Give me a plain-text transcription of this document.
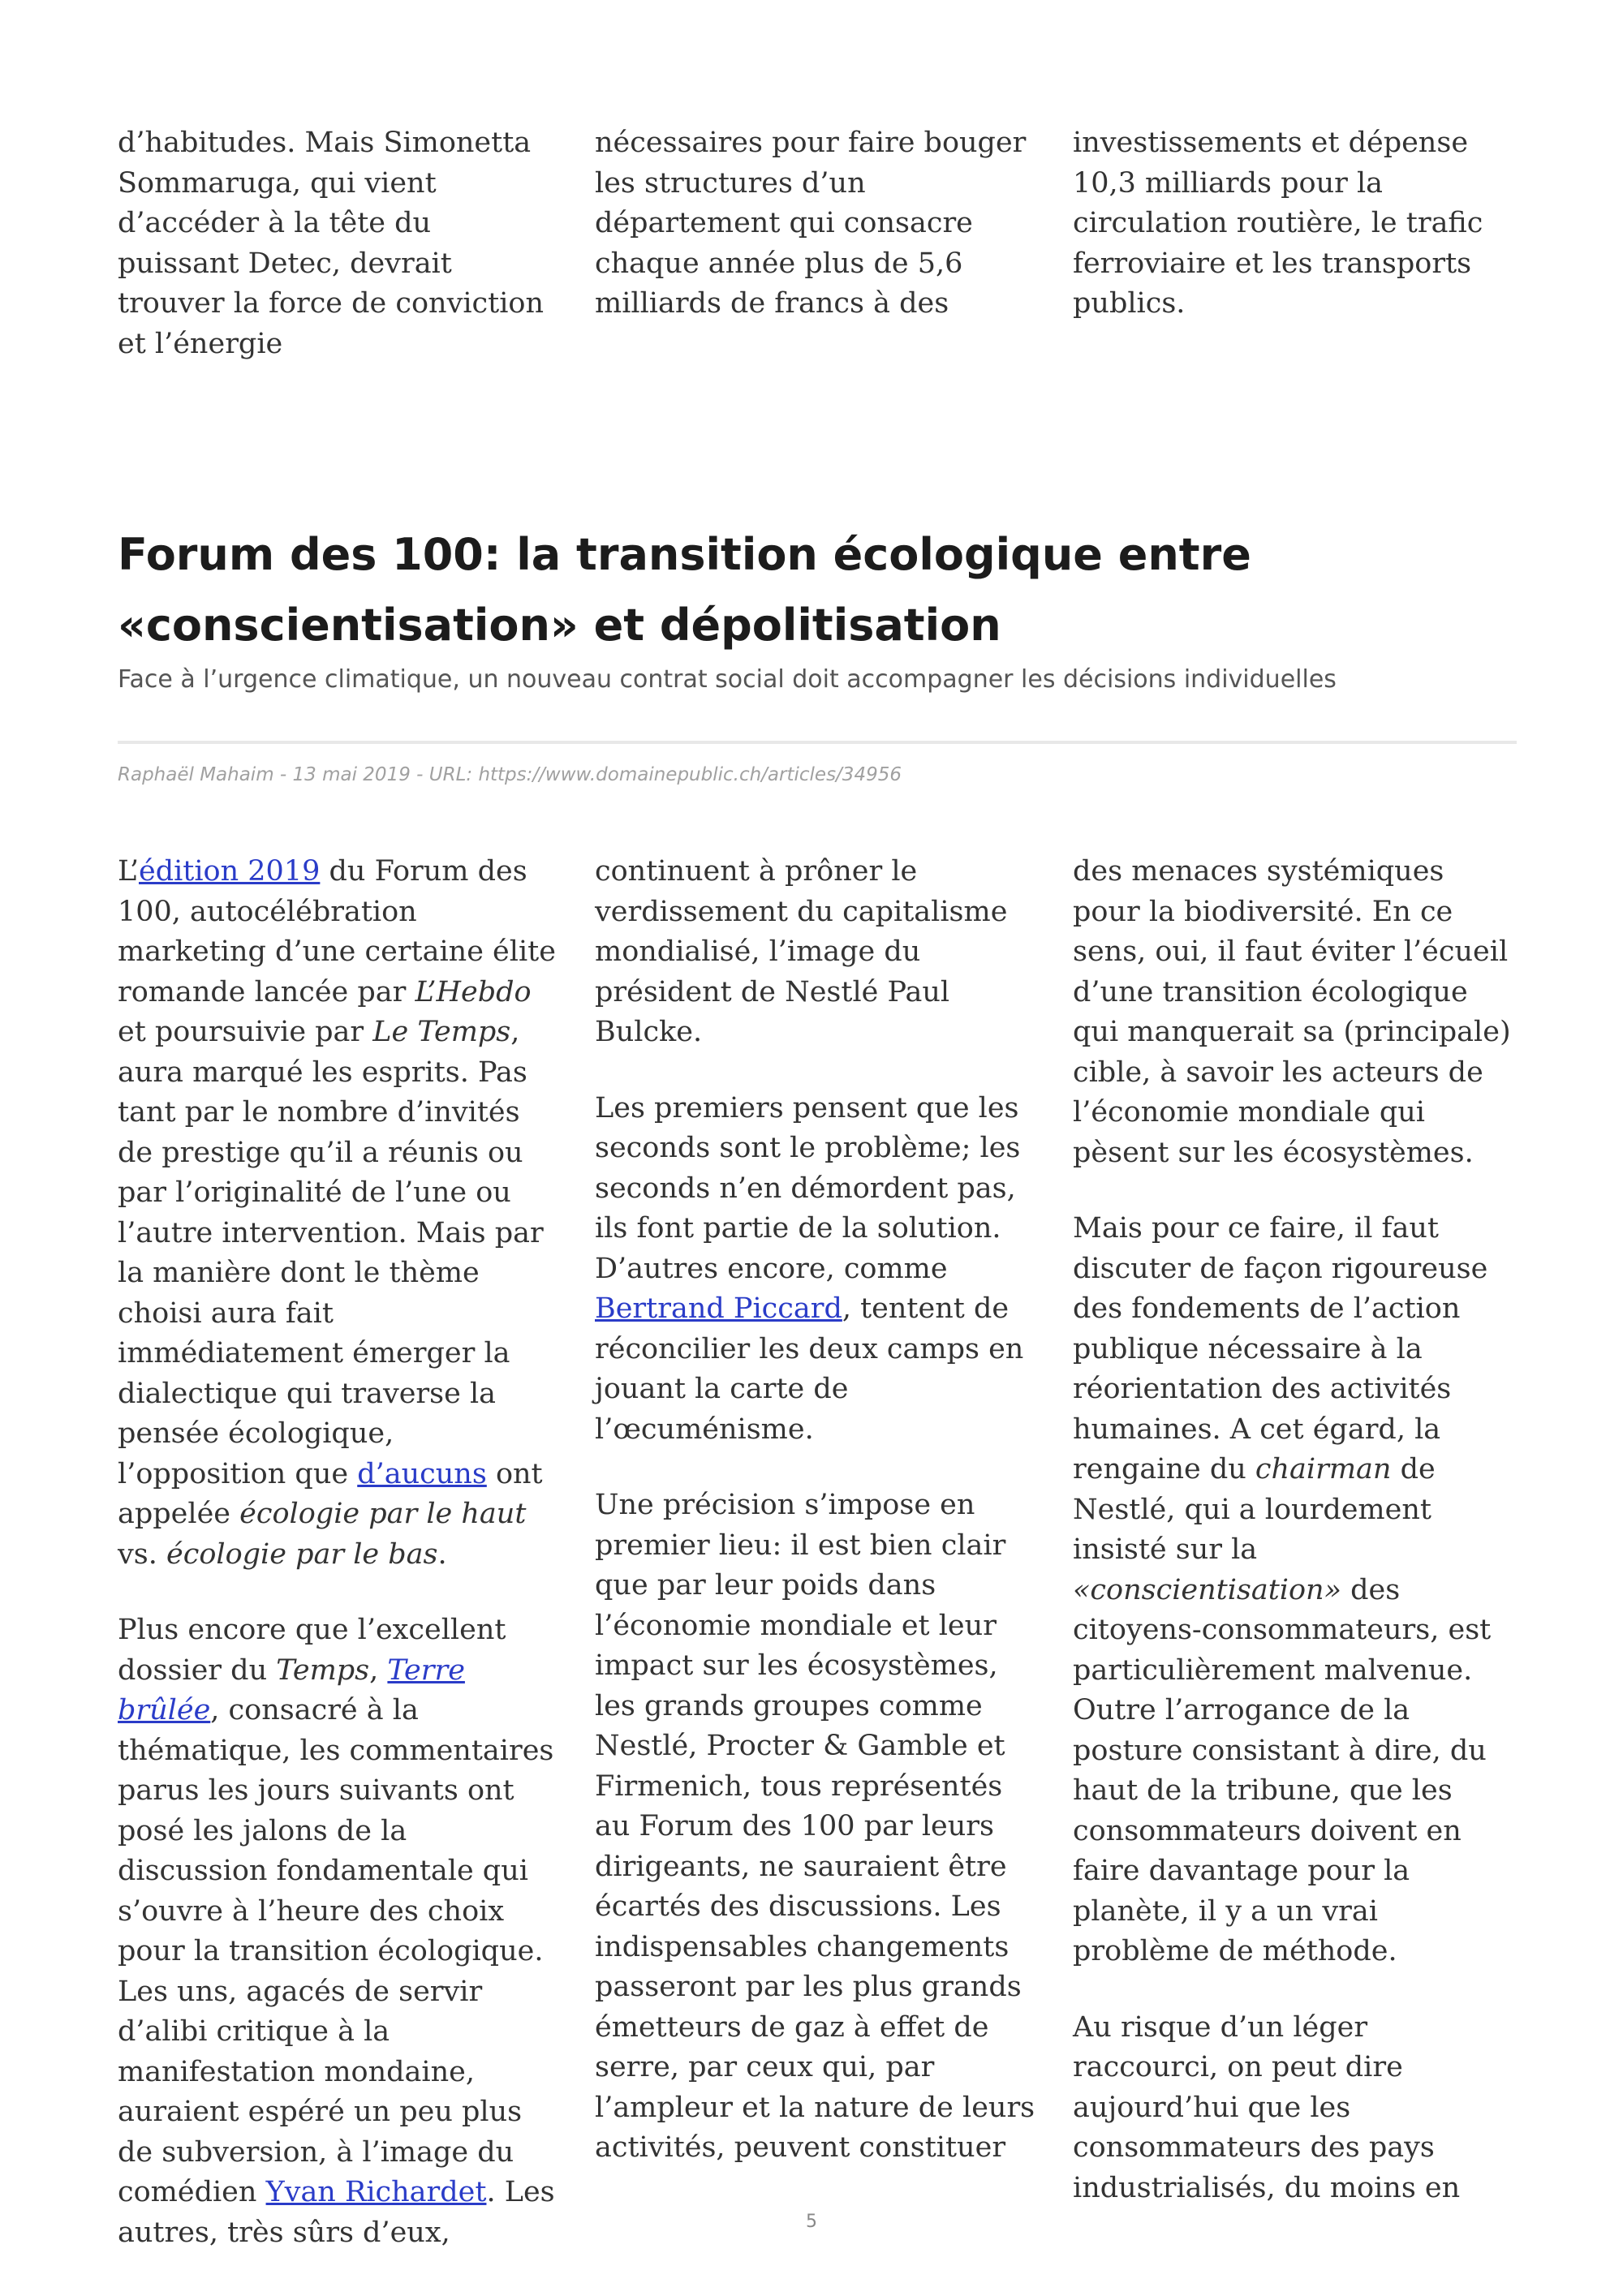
d’habitudes. Mais Simonetta Sommaruga, qui vient d’accéder à la tête du puissant Detec, devrait trouver la force de conviction et l’énergie

nécessaires pour faire bouger les structures d’un département qui consacre chaque année plus de 5,6 milliards de francs à des

investissements et dépense 10,3 milliards pour la circulation routière, le trafic ferroviaire et les transports publics.

Forum des 100: la transition écologique entre «conscientisation» et dépolitisation

Face à l’urgence climatique, un nouveau contrat social doit accompagner les décisions individuelles

Raphaël Mahaim - 13 mai 2019 - URL: https://www.domainepublic.ch/articles/34956

L’édition 2019 du Forum des 100, autocélébration marketing d’une certaine élite romande lancée par L’Hebdo et poursuivie par Le Temps, aura marqué les esprits. Pas tant par le nombre d’invités de prestige qu’il a réunis ou par l’originalité de l’une ou l’autre intervention. Mais par la manière dont le thème choisi aura fait immédiatement émerger la dialectique qui traverse la pensée écologique, l’opposition que d’aucuns ont appelée écologie par le haut vs. écologie par le bas.

Plus encore que l’excellent dossier du Temps, Terre brûlée, consacré à la thématique, les commentaires parus les jours suivants ont posé les jalons de la discussion fondamentale qui s’ouvre à l’heure des choix pour la transition écologique. Les uns, agacés de servir d’alibi critique à la manifestation mondaine, auraient espéré un peu plus de subversion, à l’image du comédien Yvan Richardet. Les autres, très sûrs d’eux,

continuent à prôner le verdissement du capitalisme mondialisé, l’image du président de Nestlé Paul Bulcke.

Les premiers pensent que les seconds sont le problème; les seconds n’en démordent pas, ils font partie de la solution. D’autres encore, comme Bertrand Piccard, tentent de réconcilier les deux camps en jouant la carte de l’œcuménisme.

Une précision s’impose en premier lieu: il est bien clair que par leur poids dans l’économie mondiale et leur impact sur les écosystèmes, les grands groupes comme Nestlé, Procter & Gamble et Firmenich, tous représentés au Forum des 100 par leurs dirigeants, ne sauraient être écartés des discussions. Les indispensables changements passeront par les plus grands émetteurs de gaz à effet de serre, par ceux qui, par l’ampleur et la nature de leurs activités, peuvent constituer

des menaces systémiques pour la biodiversité. En ce sens, oui, il faut éviter l’écueil d’une transition écologique qui manquerait sa (principale) cible, à savoir les acteurs de l’économie mondiale qui pèsent sur les écosystèmes.

Mais pour ce faire, il faut discuter de façon rigoureuse des fondements de l’action publique nécessaire à la réorientation des activités humaines. A cet égard, la rengaine du chairman de Nestlé, qui a lourdement insisté sur la «conscientisation» des citoyens-consommateurs, est particulièrement malvenue. Outre l’arrogance de la posture consistant à dire, du haut de la tribune, que les consommateurs doivent en faire davantage pour la planète, il y a un vrai problème de méthode.

Au risque d’un léger raccourci, on peut dire aujourd’hui que les consommateurs des pays industrialisés, du moins en

5
